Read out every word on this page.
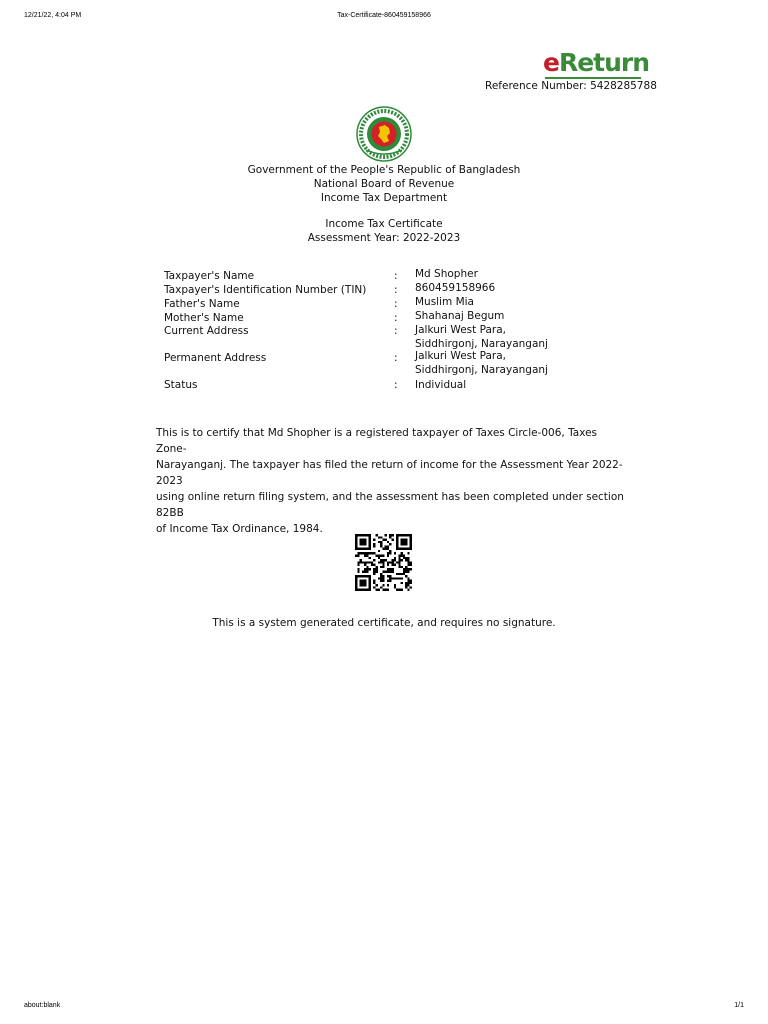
12/21/22, 4:04 PM	Tax-Certificate-860459158966
eReturn
Reference Number: 5428285788
Government of the People's Republic of Bangladesh
National Board of Revenue
Income Tax Department
Income Tax Certificate
Assessment Year: 2022-2023
Taxpayer's Name	: Md Shopher
Taxpayer's Identification Number (TIN)	: 860459158966
Father's Name	: Muslim Mia
Mother's Name	: Shahanaj Begum
Current Address	: Jalkuri West Para, Siddhirgonj, Narayanganj
Permanent Address	: Jalkuri West Para, Siddhirgonj, Narayanganj
Status	: Individual
This is to certify that Md Shopher is a registered taxpayer of Taxes Circle-006, Taxes Zone-
Narayanganj. The taxpayer has filed the return of income for the Assessment Year 2022-2023
using online return filing system, and the assessment has been completed under section 82BB
of Income Tax Ordinance, 1984.
This is a system generated certificate, and requires no signature.
about:blank	1/1
